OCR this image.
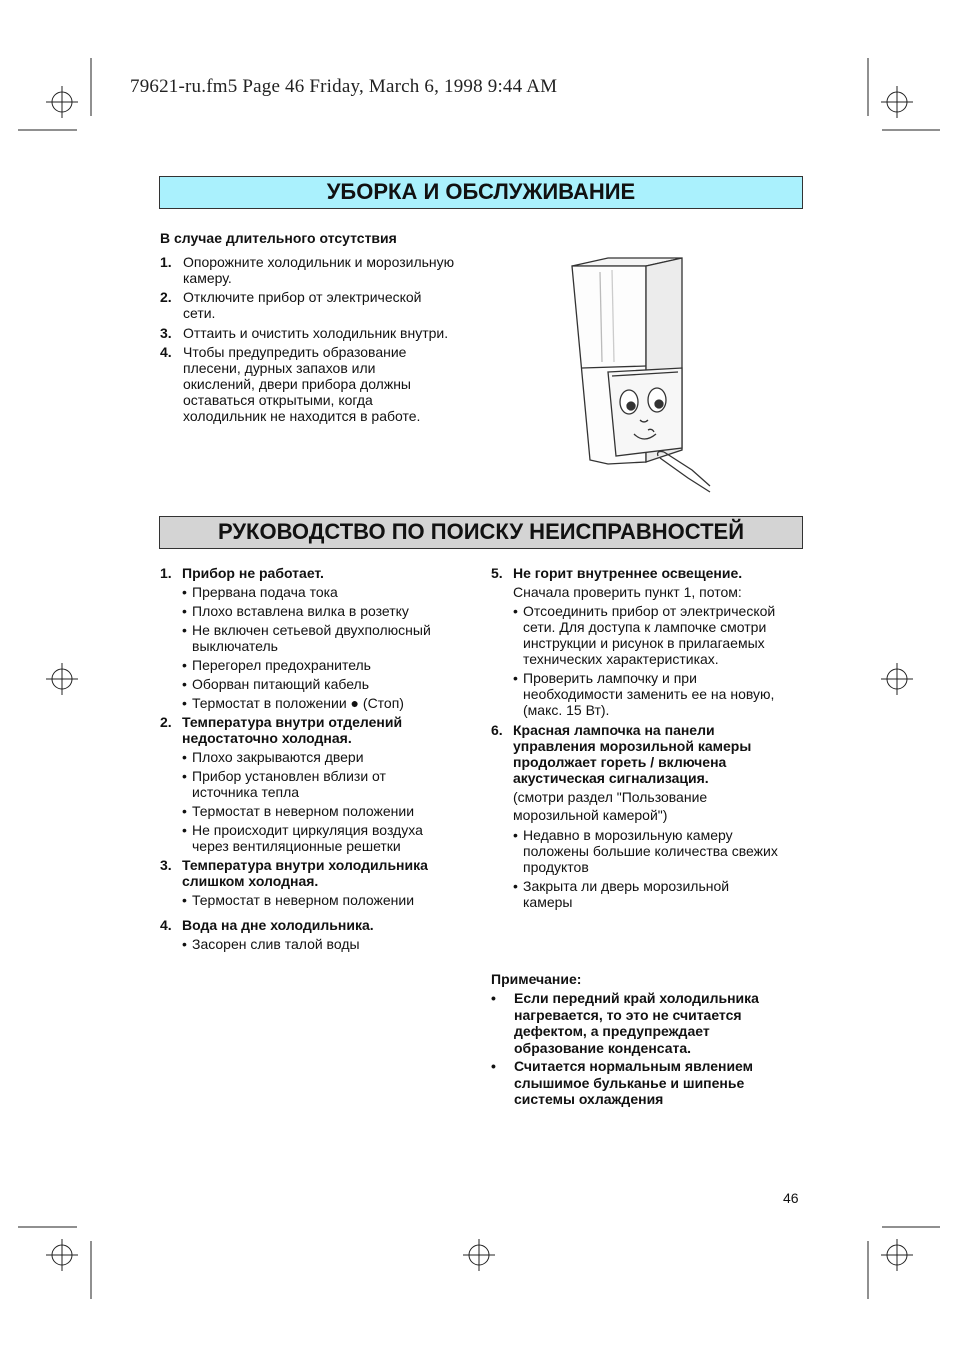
79621-ru.fm5 Page 46 Friday, March 6, 1998 9:44 AM
УБОРКА И ОБСЛУЖИВАНИЕ
В случае длительного отсутствия
1. Опорожните холодильник и морозильную
камеру.
2. Отключите прибор от электрической
сети.
3. Оттаить и очистить холодильник внутри.
4. Чтобы предупредить образование
плесени, дурных запахов или
окислений, двери прибора должны
оставаться открытыми, когда
холодильник не находится в работе.
РУКОВОДСТВО ПО ПОИСКУ НЕИСПРАВНОСТЕЙ
1. Прибор не работает.
• Прервана подача тока
• Плохо вставлена вилка в розетку
• Не включен сетьевой двухполюсный
выключатель
• Перегорел предохранитель
• Оборван питающий кабель
• Термостат в положении ● (Стоп)
2. Температура внутри отделений
недостаточно холодная.
• Плохо закрываются двери
• Прибор установлен вблизи от
источника тепла
• Термостат в неверном положении
• Не происходит циркуляция воздуха
через вентиляционные решетки
3. Температура внутри холодильника
слишком холодная.
• Термостат в неверном положении
4. Вода на дне холодильника.
• Засорен слив талой воды
5. Не горит внутреннее освещение.
Сначала проверить пункт 1, потом:
• Отсоединить прибор от электрической
сети. Для доступа к лампочке смотри
инструкции и рисунок в прилагаемых
технических характеристиках.
• Проверить лампочку и при
необходимости заменить ее на новую,
(макс. 15 Вт).
6. Красная лампочка на панели
управления морозильной камеры
продолжает гореть / включена
акустическая сигнализация.
(смотри раздел "Пользование
морозильной камерой")
• Недавно в морозильную камеру
положены большие количества свежих
продуктов
• Закрыта ли дверь морозильной
камеры
Примечание:
• Если передний край холодильника
нагревается, то это не считается
дефектом, а предупреждает
образование конденсата.
• Считается нормальным явлением
слышимое бульканье и шипенье
системы охлаждения
46
